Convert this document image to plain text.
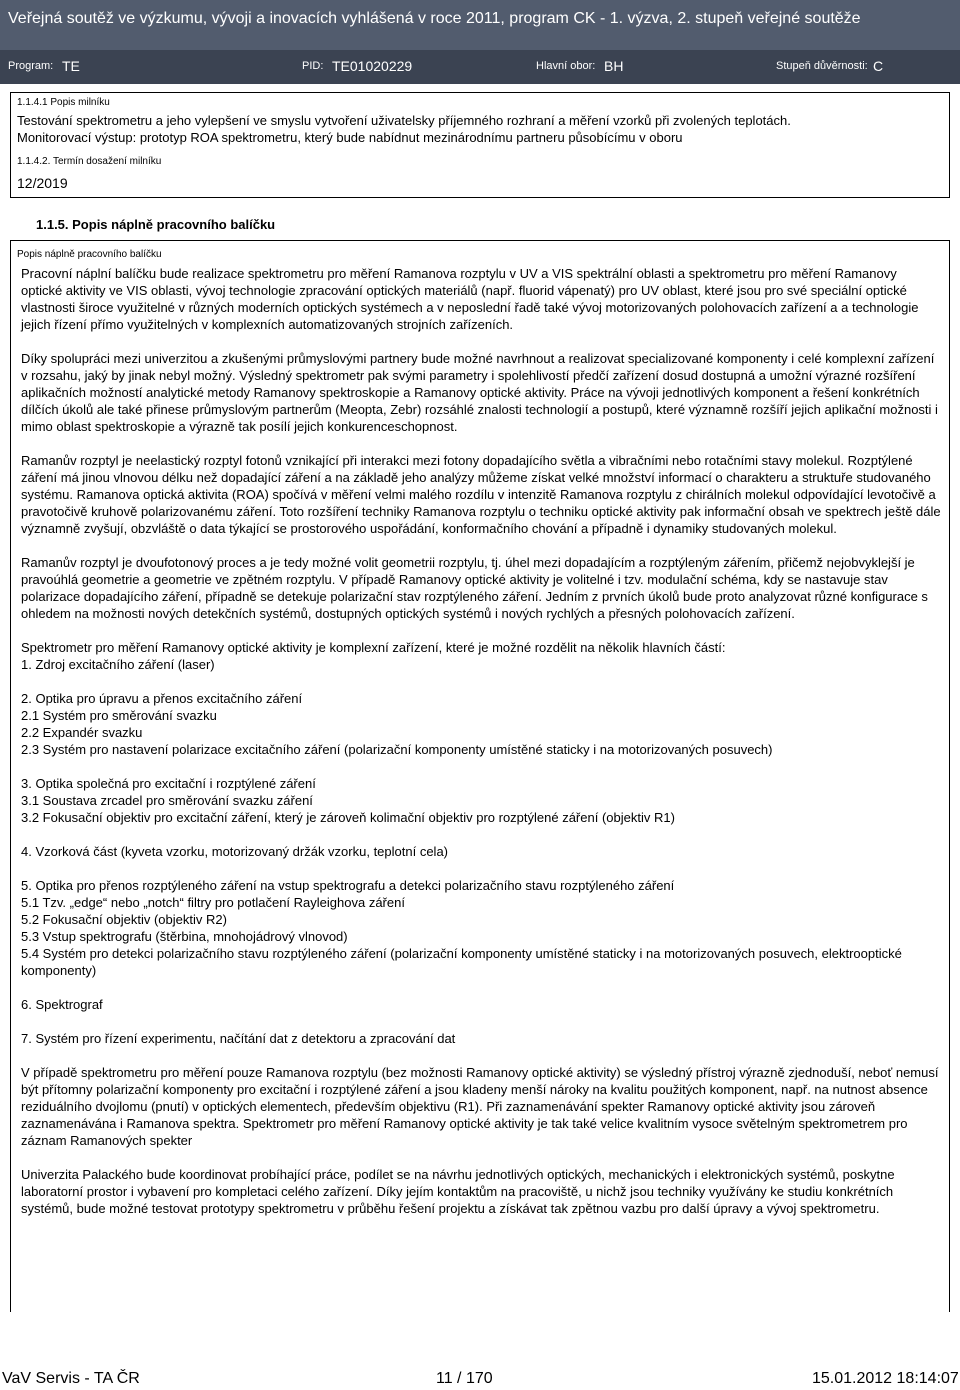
Veřejná soutěž ve výzkumu, vývoji a inovacích vyhlášená v roce 2011, program CK - 1. výzva, 2. stupeň veřejné soutěže
Program: TE	PID: TE01020229	Hlavní obor: BH	Stupeň důvěrnosti: C
1.1.4.1 Popis milníku
Testování spektrometru a jeho vylepšení ve smyslu vytvoření uživatelsky příjemného rozhraní a měření vzorků při zvolených teplotách.
Monitorovací výstup: prototyp ROA spektrometru, který bude nabídnut mezinárodnímu partneru působícímu v oboru
1.1.4.2. Termín dosažení milníku
12/2019
1.1.5. Popis náplně pracovního balíčku
Popis náplně pracovního balíčku

Pracovní náplní balíčku bude realizace spektrometru pro měření Ramanova rozptylu v UV a VIS spektrální oblasti a spektrometru pro měření Ramanovy optické aktivity ve VIS oblasti, vývoj technologie zpracování optických materiálů (např. fluorid vápenatý) pro UV oblast, které jsou pro své speciální optické vlastnosti široce využitelné v různých moderních optických systémech a v neposlední řadě také vývoj motorizovaných polohovacích zařízení a a technologie jejich řízení přímo využitelných v komplexních automatizovaných strojních zařízeních.

Díky spolupráci mezi univerzitou a zkušenými průmyslovými partnery bude možné navrhnout a realizovat specializované komponenty i celé komplexní zařízení v rozsahu, jaký by jinak nebyl možný. Výsledný spektrometr pak svými parametry i spolehlivostí předčí zařízení dosud dostupná a umožní výrazné rozšíření aplikačních možností analytické metody Ramanovy spektroskopie a Ramanovy optické aktivity. Práce na vývoji jednotlivých komponent a řešení konkrétních dílčích úkolů ale také přinese průmyslovým partnerům (Meopta, Zebr) rozsáhlé znalosti technologií a postupů, které významně rozšíří jejich aplikační možnosti i mimo oblast spektroskopie a výrazně tak posílí jejich konkurenceschopnost.

Ramanův rozptyl je neelastický rozptyl fotonů vznikající při interakci mezi fotony dopadajícího světla a vibračními nebo rotačními stavy molekul. Rozptýlené záření má jinou vlnovou délku než dopadající záření a na základě jeho analýzy můžeme získat velké množství informací o charakteru a struktuře studovaného systému. Ramanova optická aktivita (ROA) spočívá v měření velmi malého rozdílu v intenzitě Ramanova rozptylu z chirálních molekul odpovídající levotočivě a pravotočivě kruhově polarizovanému záření. Toto rozšíření techniky Ramanova rozptylu o techniku optické aktivity pak informační obsah ve spektrech ještě dále významně zvyšují, obzvláště o data týkající se prostorového uspořádání, konformačního chování a případně i dynamiky studovaných molekul.

Ramanův rozptyl je dvoufotonový proces a je tedy možné volit geometrii rozptylu, tj. úhel mezi dopadajícím a rozptýleným zářením, přičemž nejobvyklejší je pravoúhlá geometrie a geometrie ve zpětném rozptylu. V případě Ramanovy optické aktivity je volitelné i tzv. modulační schéma, kdy se nastavuje stav polarizace dopadajícího záření, případně se detekuje polarizační stav rozptýleného záření. Jedním z prvních úkolů bude proto analyzovat různé konfigurace s ohledem na možnosti nových detekčních systémů, dostupných optických systémů i nových rychlých a přesných polohovacích zařízení.

Spektrometr pro měření Ramanovy optické aktivity je komplexní zařízení, které je možné rozdělit na několik hlavních částí:
1. Zdroj excitačního záření (laser)
2. Optika pro úpravu a přenos excitačního záření
2.1 Systém pro směrování svazku
2.2 Expandér svazku
2.3 Systém pro nastavení polarizace excitačního záření (polarizační komponenty umístěné staticky i na motorizovaných posuvech)
3. Optika společná pro excitační i rozptýlené záření
3.1 Soustava zrcadel pro směrování svazku záření
3.2 Fokusační objektiv pro excitační záření, který je zároveň kolimační objektiv pro rozptýlené záření (objektiv R1)
4. Vzorková část (kyveta vzorku, motorizovaný držák vzorku, teplotní cela)
5. Optika pro přenos rozptýleného záření na vstup spektrografu a detekci polarizačního stavu rozptýleného záření
5.1 Tzv. „edge“ nebo „notch“ filtry pro potlačení Rayleighova záření
5.2 Fokusační objektiv (objektiv R2)
5.3 Vstup spektrografu (štěrbina, mnohojádrový vlnovod)
5.4 Systém pro detekci polarizačního stavu rozptýleného záření (polarizační komponenty umístěné staticky i na motorizovaných posuvech, elektrooptické komponenty)
6. Spektrograf
7. Systém pro řízení experimentu, načítání dat z detektoru a zpracování dat

V případě spektrometru pro měření pouze Ramanova rozptylu (bez možnosti Ramanovy optické aktivity) se výsledný přístroj výrazně zjednoduší, neboť nemusí být přítomny polarizační komponenty pro excitační i rozptýlené záření a jsou kladeny menší nároky na kvalitu použitých komponent, např. na nutnost absence reziduálního dvojlomu (pnutí) v optických elementech, především objektivu (R1). Při zaznamenávání spekter Ramanovy optické aktivity jsou zároveň zaznamenávána i Ramanova spektra. Spektrometr pro měření Ramanovy optické aktivity je tak také velice kvalitním vysoce světelným spektrometrem pro záznam Ramanových spekter

Univerzita Palackého bude koordinovat probíhající práce, podílet se na návrhu jednotlivých optických, mechanických i elektronických systémů, poskytne laboratorní prostor i vybavení pro kompletaci celého zařízení. Díky jejím kontaktům na pracoviště, u nichž jsou techniky využívány ke studiu konkrétních systémů, bude možné testovat prototypy spektrometru v průběhu řešení projektu a získávat tak zpětnou vazbu pro další úpravy a vývoj spektrometru.

VaV Servis - TA ČR	11 / 170	15.01.2012 18:14:07
